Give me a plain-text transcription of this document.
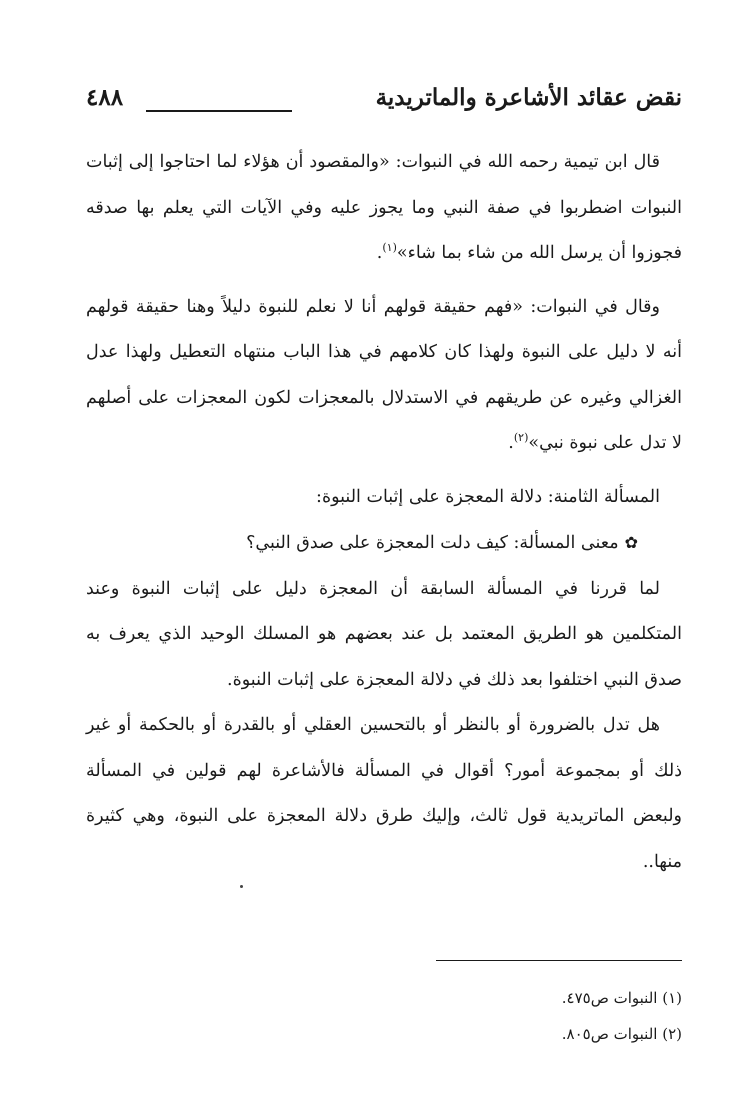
نقض عقائد الأشاعرة والماتريدية
٤٨٨

قال ابن تيمية رحمه الله في النبوات: «والمقصود أن هؤلاء لما احتاجوا إلى إثبات النبوات اضطربوا في صفة النبي وما يجوز عليه وفي الآيات التي يعلم بها صدقه فجوزوا أن يرسل الله من شاء بما شاء»$^{(١)}$.

وقال في النبوات: «فهم حقيقة قولهم أنا لا نعلم للنبوة دليلاً وهنا حقيقة قولهم أنه لا دليل على النبوة ولهذا كان كلامهم في هذا الباب منتهاه التعطيل ولهذا عدل الغزالي وغيره عن طريقهم في الاستدلال بالمعجزات لكون المعجزات على أصلهم لا تدل على نبوة نبي»$^{(٢)}$.

المسألة الثامنة: دلالة المعجزة على إثبات النبوة:

✿معنى المسألة: كيف دلت المعجزة على صدق النبي؟

لما قررنا في المسألة السابقة أن المعجزة دليل على إثبات النبوة وعند المتكلمين هو الطريق المعتمد بل عند بعضهم هو المسلك الوحيد الذي يعرف به صدق النبي اختلفوا بعد ذلك في دلالة المعجزة على إثبات النبوة.

هل تدل بالضرورة أو بالنظر أو بالتحسين العقلي أو بالقدرة أو بالحكمة أو غير ذلك أو بمجموعة أمور؟ أقوال في المسألة فالأشاعرة لهم قولين في المسألة ولبعض الماتريدية قول ثالث، وإليك طرق دلالة المعجزة على النبوة، وهي كثيرة منها..

(١) النبوات ص٤٧٥.

(٢) النبوات ص٨٠٥.
